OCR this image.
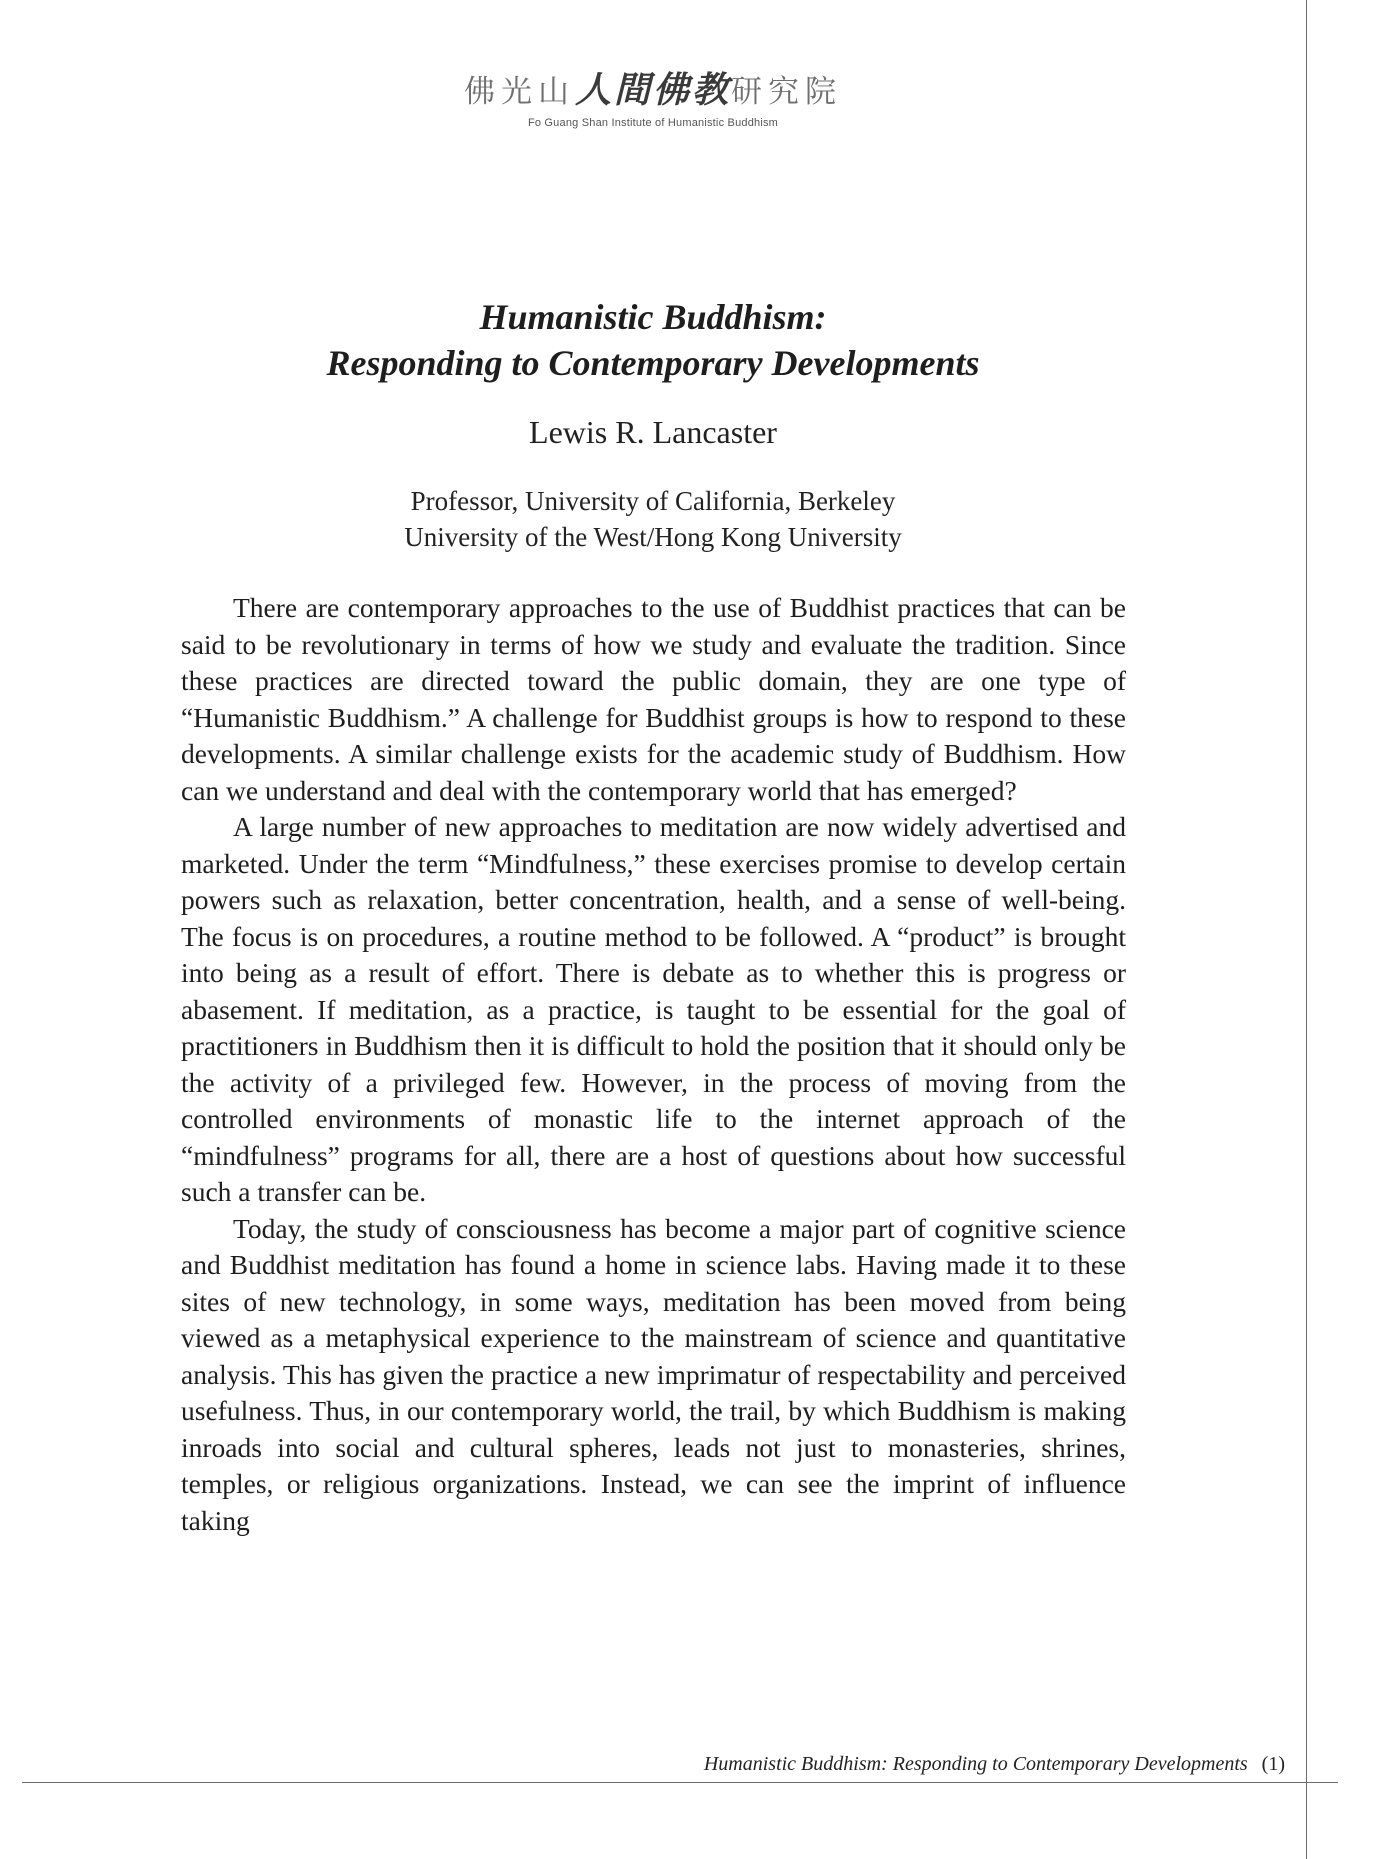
佛光山人間佛教研究院
Fo Guang Shan Institute of Humanistic Buddhism
Humanistic Buddhism:
Responding to Contemporary Developments
Lewis R. Lancaster
Professor, University of California, Berkeley
University of the West/Hong Kong University

There are contemporary approaches to the use of Buddhist practices that can be said to be revolutionary in terms of how we study and evaluate the tradition. Since these practices are directed toward the public domain, they are one type of “Humanistic Buddhism.” A challenge for Buddhist groups is how to respond to these developments. A similar challenge exists for the academic study of Buddhism. How can we understand and deal with the contemporary world that has emerged?

A large number of new approaches to meditation are now widely advertised and marketed. Under the term “Mindfulness,” these exercises promise to develop certain powers such as relaxation, better concentration, health, and a sense of well-being. The focus is on procedures, a routine method to be followed. A “product” is brought into being as a result of effort. There is debate as to whether this is progress or abasement. If meditation, as a practice, is taught to be essential for the goal of practitioners in Buddhism then it is difficult to hold the position that it should only be the activity of a privileged few. However, in the process of moving from the controlled environments of monastic life to the internet approach of the “mindfulness” programs for all, there are a host of questions about how successful such a transfer can be.

Today, the study of consciousness has become a major part of cognitive science and Buddhist meditation has found a home in science labs. Having made it to these sites of new technology, in some ways, meditation has been moved from being viewed as a metaphysical experience to the mainstream of science and quantitative analysis. This has given the practice a new imprimatur of respectability and perceived usefulness. Thus, in our contemporary world, the trail, by which Buddhism is making inroads into social and cultural spheres, leads not just to monasteries, shrines, temples, or religious organizations. Instead, we can see the imprint of influence taking

Humanistic Buddhism: Responding to Contemporary Developments (1)
